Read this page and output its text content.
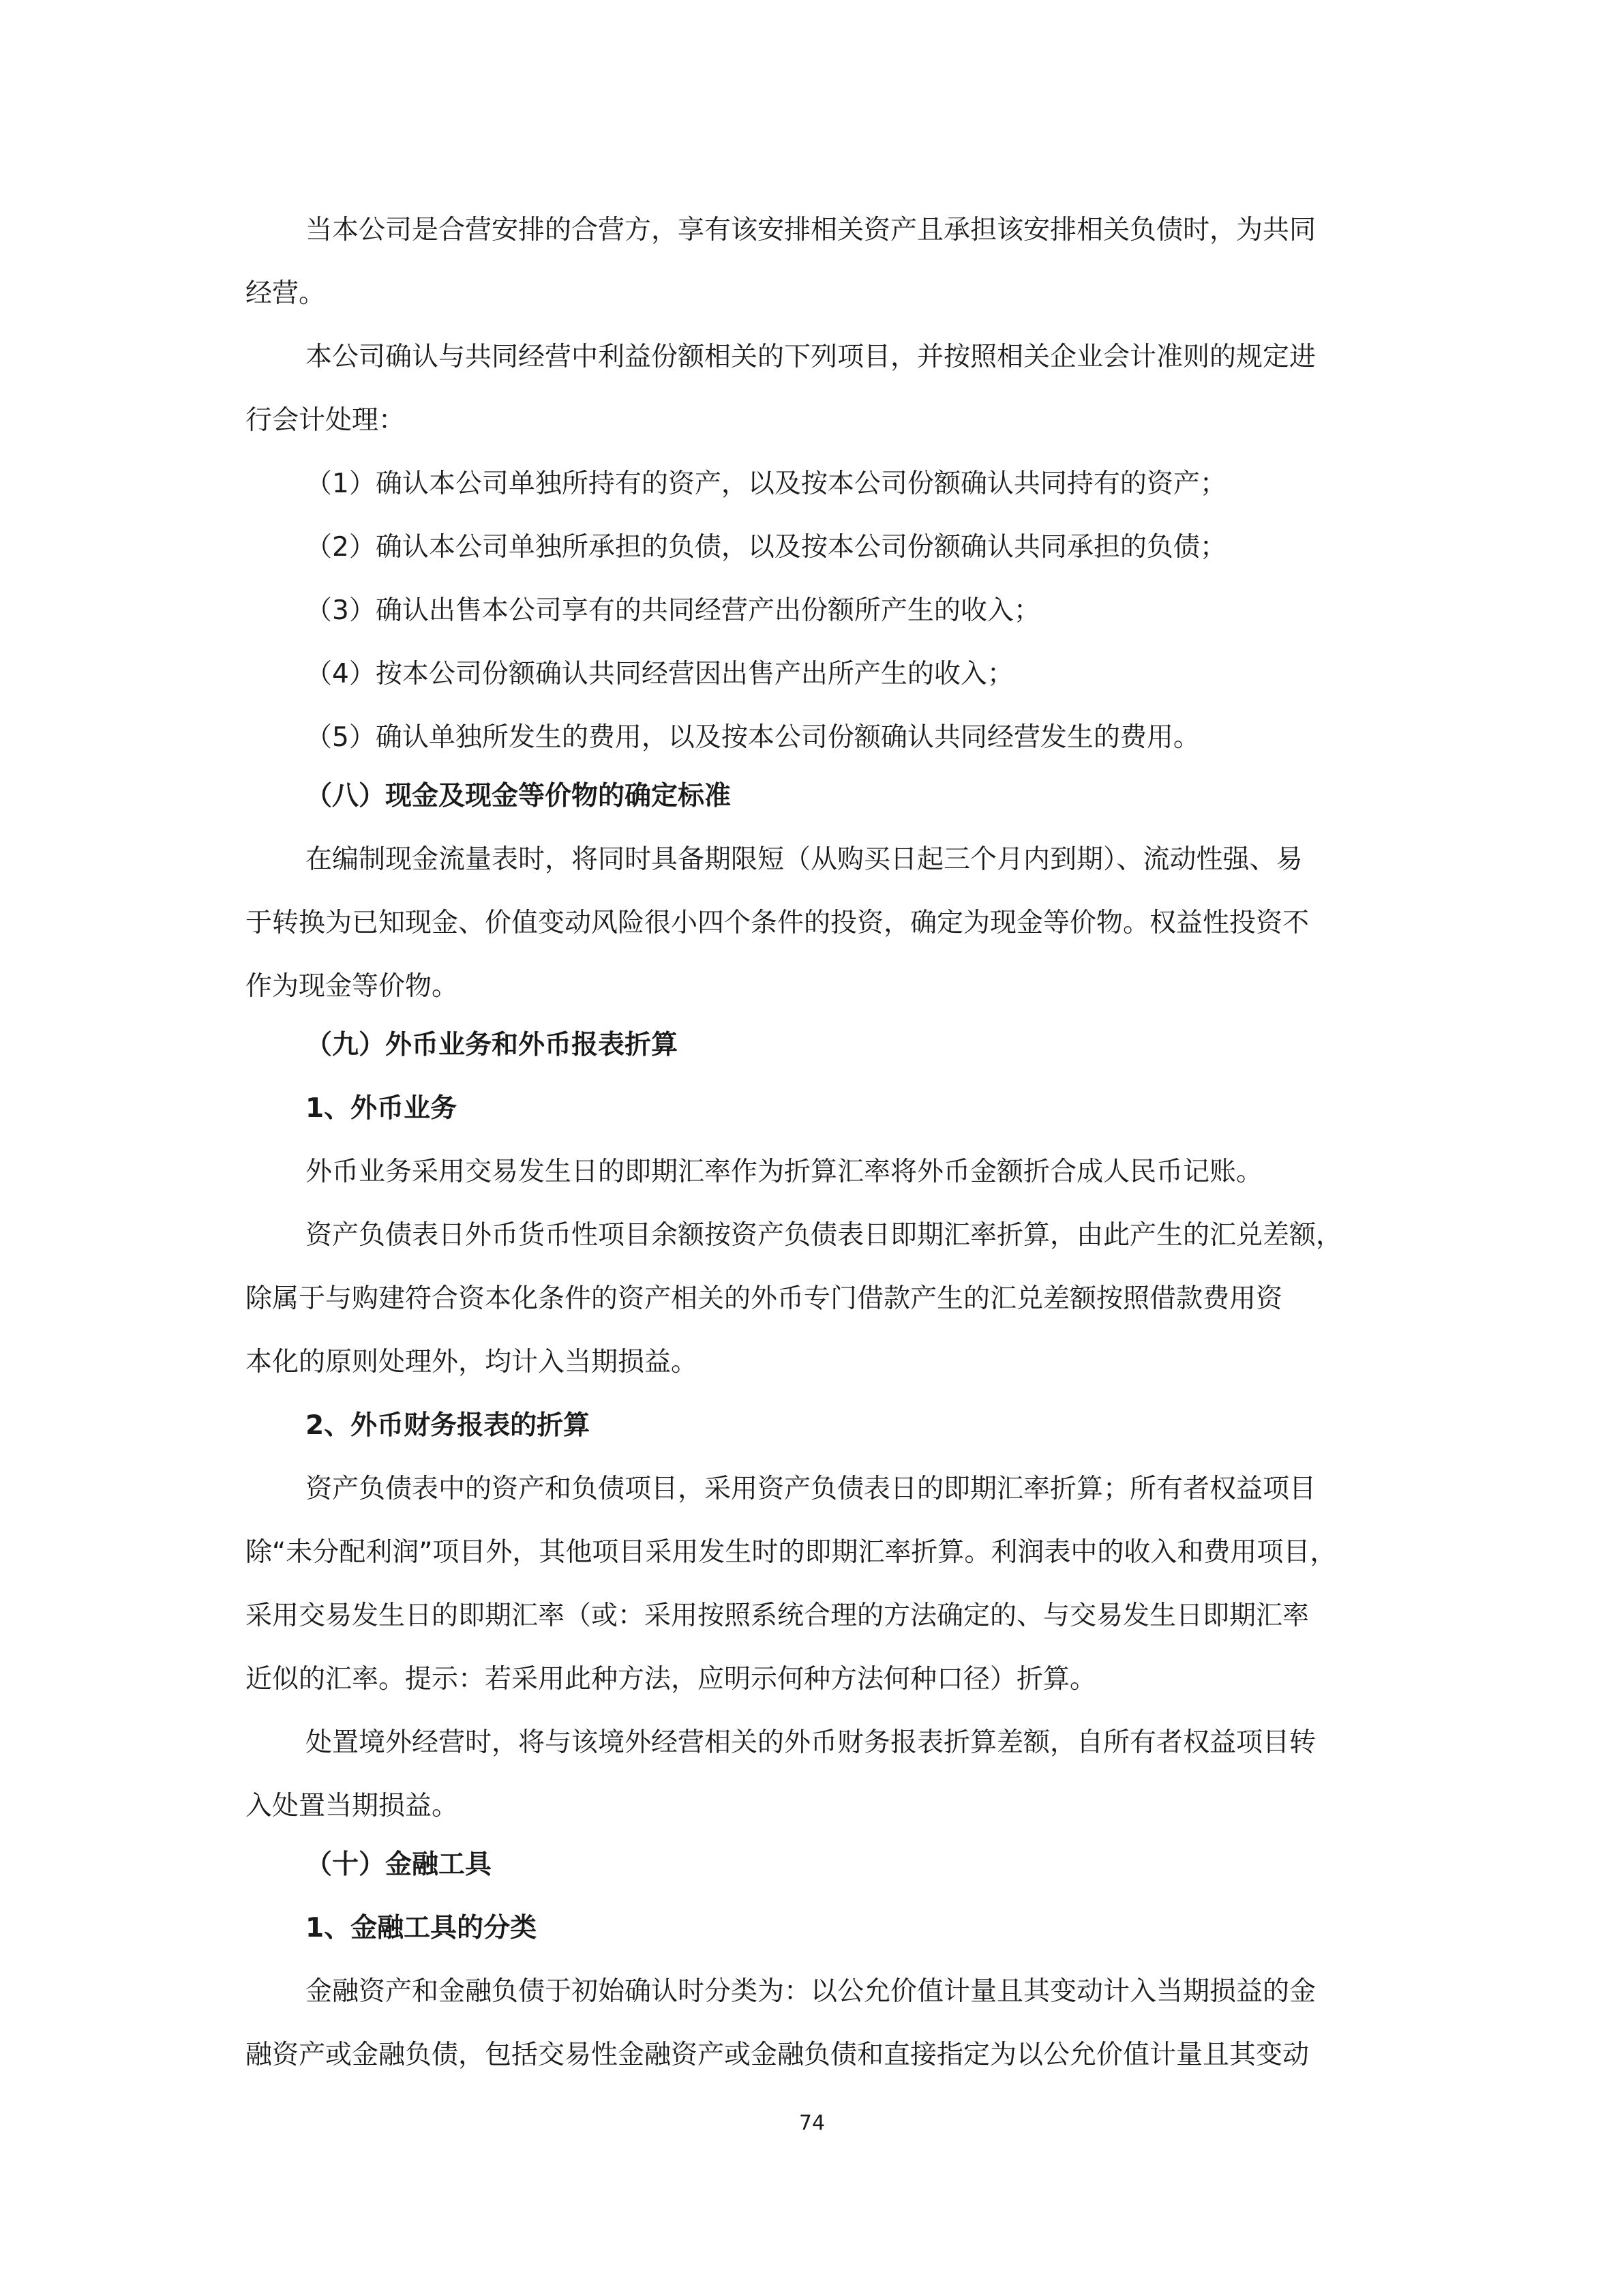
当本公司是合营安排的合营方，享有该安排相关资产且承担该安排相关负债时，为共同
经营。
本公司确认与共同经营中利益份额相关的下列项目，并按照相关企业会计准则的规定进
行会计处理：
（1）确认本公司单独所持有的资产，以及按本公司份额确认共同持有的资产；
（2）确认本公司单独所承担的负债，以及按本公司份额确认共同承担的负债；
（3）确认出售本公司享有的共同经营产出份额所产生的收入；
（4）按本公司份额确认共同经营因出售产出所产生的收入；
（5）确认单独所发生的费用，以及按本公司份额确认共同经营发生的费用。
（八）现金及现金等价物的确定标准
在编制现金流量表时，将同时具备期限短（从购买日起三个月内到期）、流动性强、易
于转换为已知现金、价值变动风险很小四个条件的投资，确定为现金等价物。权益性投资不
作为现金等价物。
（九）外币业务和外币报表折算
1、外币业务
外币业务采用交易发生日的即期汇率作为折算汇率将外币金额折合成人民币记账。
资产负债表日外币货币性项目余额按资产负债表日即期汇率折算，由此产生的汇兑差额，
除属于与购建符合资本化条件的资产相关的外币专门借款产生的汇兑差额按照借款费用资
本化的原则处理外，均计入当期损益。
2、外币财务报表的折算
资产负债表中的资产和负债项目，采用资产负债表日的即期汇率折算；所有者权益项目
除“未分配利润”项目外，其他项目采用发生时的即期汇率折算。利润表中的收入和费用项目，
采用交易发生日的即期汇率（或：采用按照系统合理的方法确定的、与交易发生日即期汇率
近似的汇率。提示：若采用此种方法，应明示何种方法何种口径）折算。
处置境外经营时，将与该境外经营相关的外币财务报表折算差额，自所有者权益项目转
入处置当期损益。
（十）金融工具
1、金融工具的分类
金融资产和金融负债于初始确认时分类为：以公允价值计量且其变动计入当期损益的金
融资产或金融负债，包括交易性金融资产或金融负债和直接指定为以公允价值计量且其变动
74
